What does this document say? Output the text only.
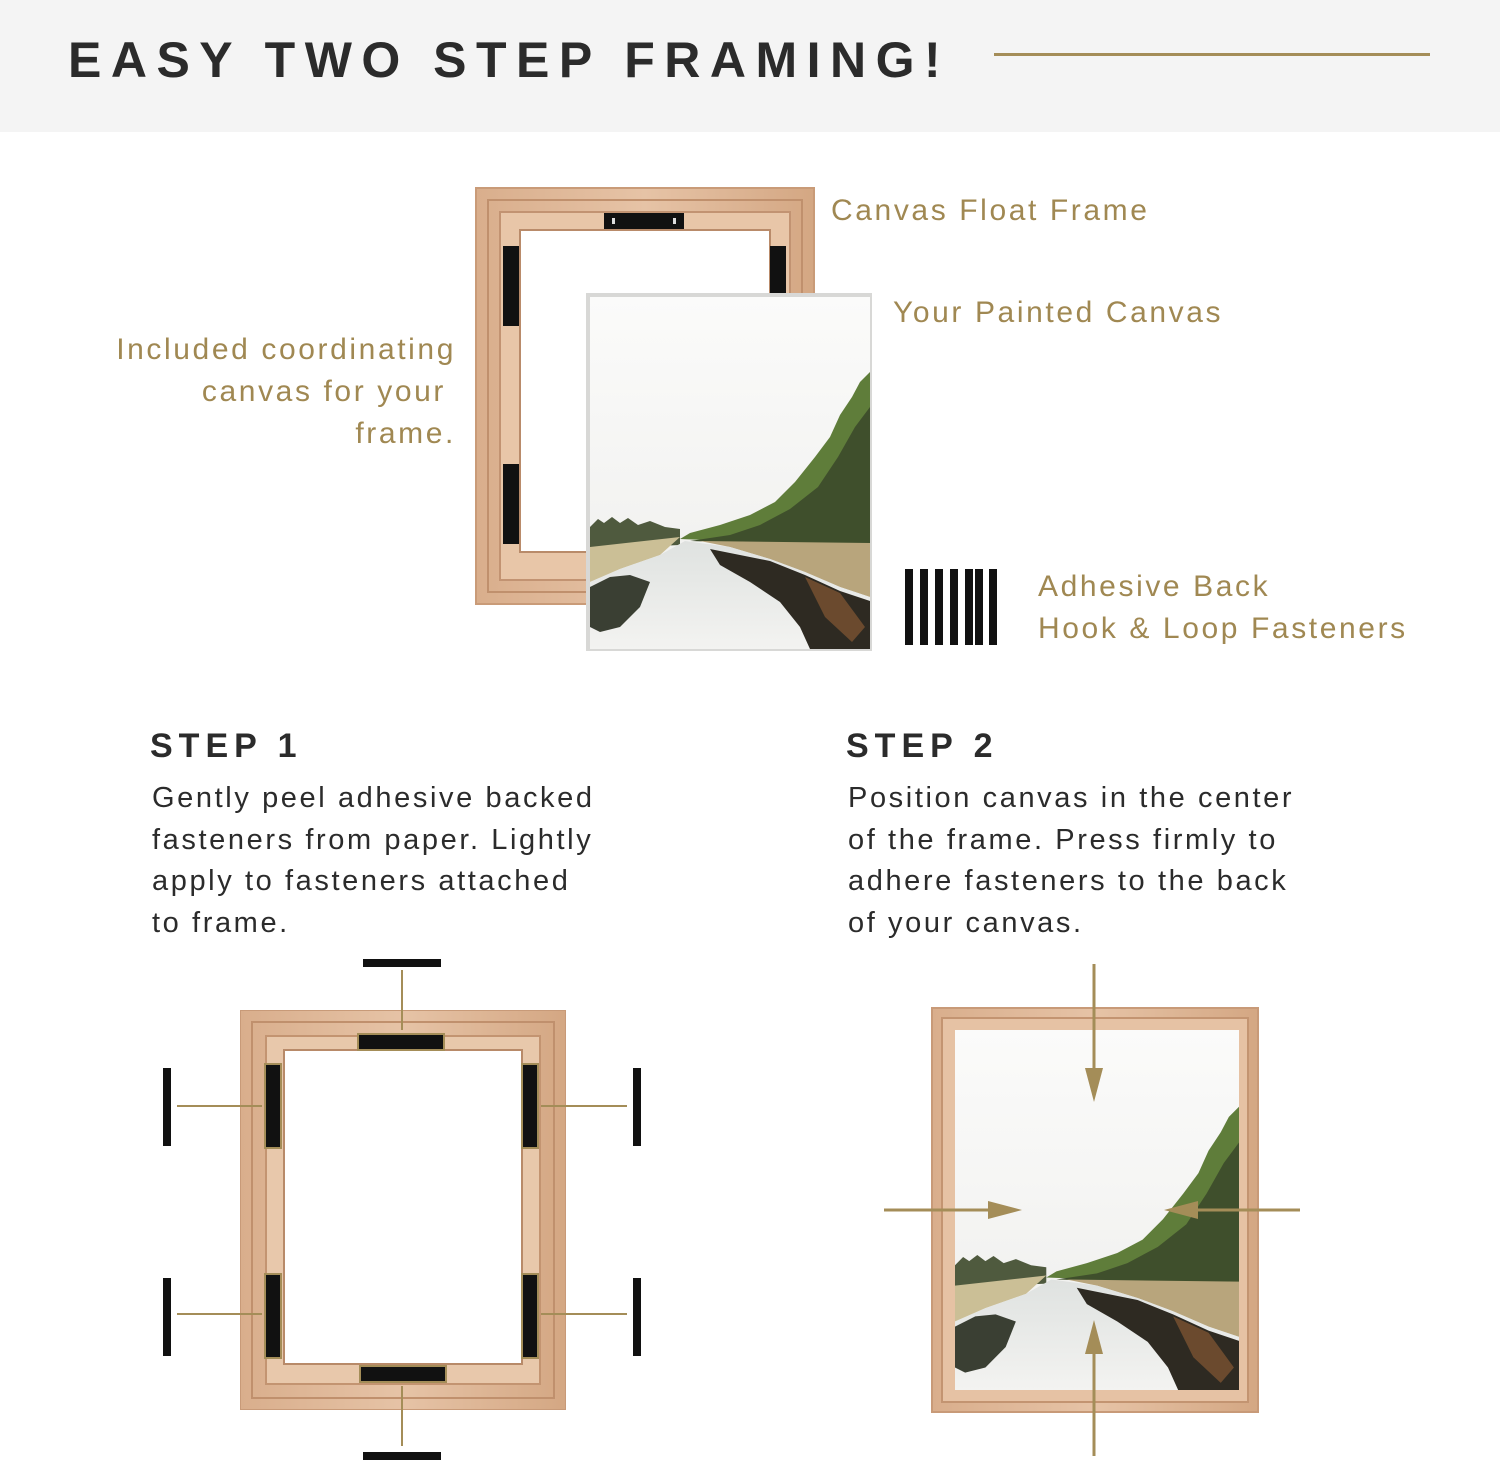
EASY TWO STEP FRAMING!
Canvas Float Frame
Your Painted Canvas
Included coordinating
canvas for your
frame.
Adhesive Back
Hook & Loop Fasteners
STEP 1
Gently peel adhesive backed
fasteners from paper. Lightly
apply to fasteners attached
to frame.
STEP 2
Position canvas in the center
of the frame. Press firmly to
adhere fasteners to the back
of your canvas.
